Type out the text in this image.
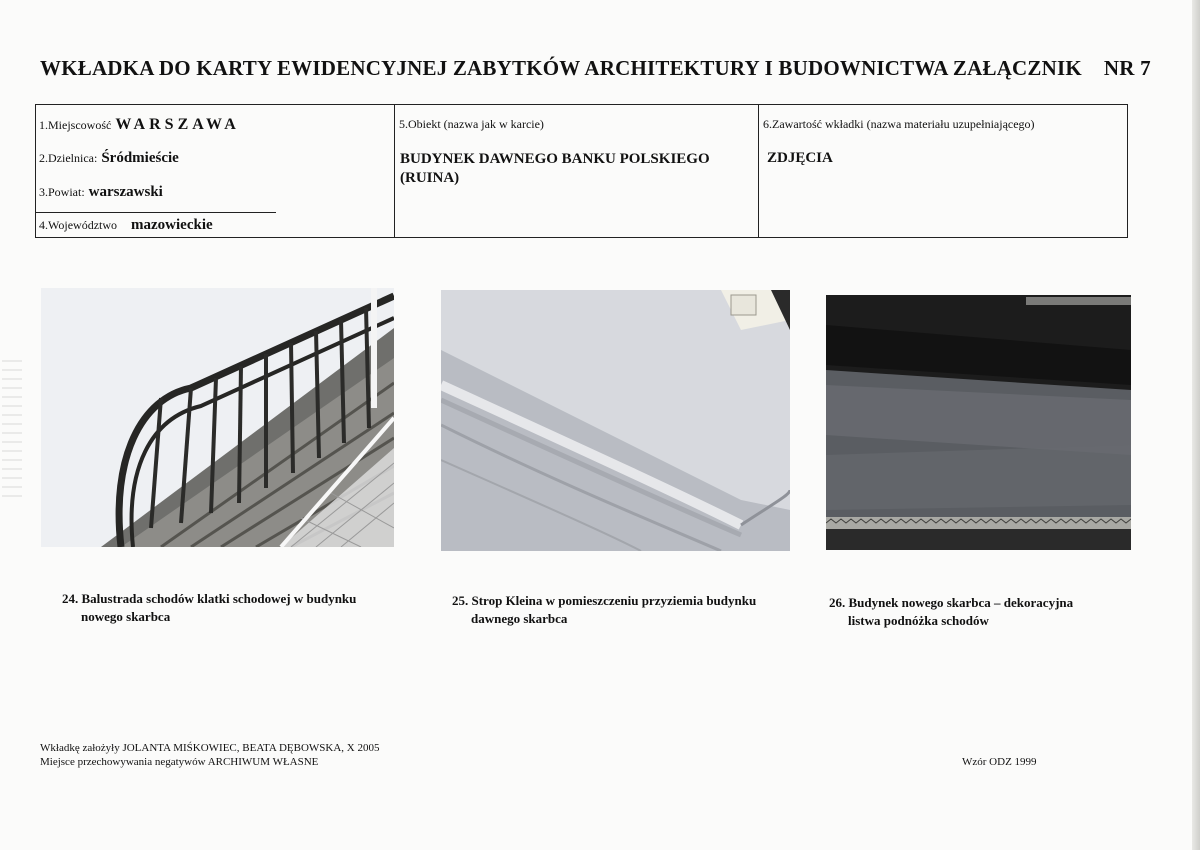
WKŁADKA DO KARTY EWIDENCYJNEJ ZABYTKÓW ARCHITEKTURY I BUDOWNICTWA ZAŁĄCZNIK NR 7
1.Miejscowość WARSZAWA
2.Dzielnica: Śródmieście
3.Powiat: warszawski
4.Województwo mazowieckie
5.Obiekt (nazwa jak w karcie)
BUDYNEK DAWNEGO BANKU POLSKIEGO (RUINA)
6.Zawartość wkładki (nazwa materiału uzupełniającego)
ZDJĘCIA
24. Balustrada schodów klatki schodowej w budynku
nowego skarbca
25. Strop Kleina w pomieszczeniu przyziemia budynku
dawnego skarbca
26. Budynek nowego skarbca – dekoracyjna
listwa podnóżka schodów
Wkładkę założyły JOLANTA MIŚKOWIEC, BEATA DĘBOWSKA, X 2005
Miejsce przechowywania negatywów ARCHIWUM WŁASNE	Wzór ODZ 1999
